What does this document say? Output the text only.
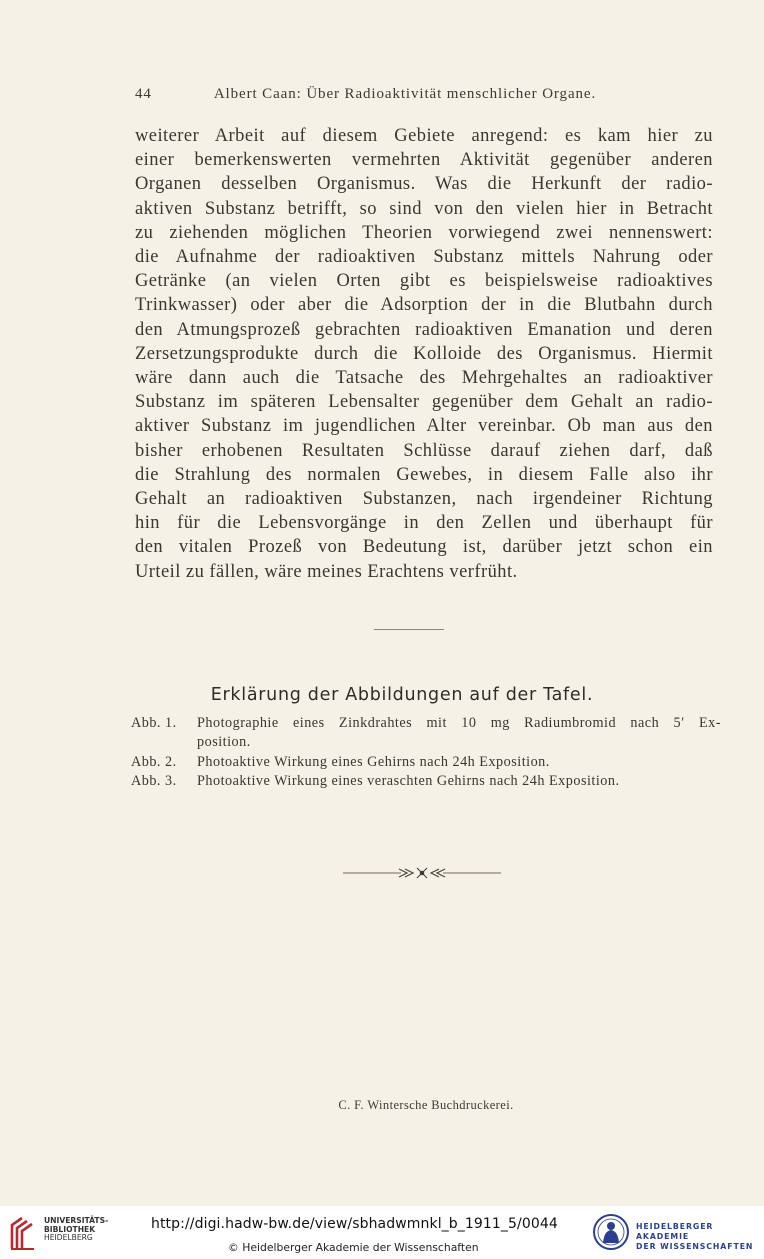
44	Albert Caan: Über Radioaktivität menschlicher Organe.
weiterer Arbeit auf diesem Gebiete anregend: es kam hier zu
einer bemerkenswerten vermehrten Aktivität gegenüber anderen
Organen desselben Organismus. Was die Herkunft der radio-
aktiven Substanz betrifft, so sind von den vielen hier in Betracht
zu ziehenden möglichen Theorien vorwiegend zwei nennenswert:
die Aufnahme der radioaktiven Substanz mittels Nahrung oder
Getränke (an vielen Orten gibt es beispielsweise radioaktives
Trinkwasser) oder aber die Adsorption der in die Blutbahn durch
den Atmungsprozeß gebrachten radioaktiven Emanation und deren
Zersetzungsprodukte durch die Kolloide des Organismus. Hiermit
wäre dann auch die Tatsache des Mehrgehaltes an radioaktiver
Substanz im späteren Lebensalter gegenüber dem Gehalt an radio-
aktiver Substanz im jugendlichen Alter vereinbar. Ob man aus den
bisher erhobenen Resultaten Schlüsse darauf ziehen darf, daß
die Strahlung des normalen Gewebes, in diesem Falle also ihr
Gehalt an radioaktiven Substanzen, nach irgendeiner Richtung
hin für die Lebensvorgänge in den Zellen und überhaupt für
den vitalen Prozeß von Bedeutung ist, darüber jetzt schon ein
Urteil zu fällen, wäre meines Erachtens verfrüht.
Erklärung der Abbildungen auf der Tafel.
Abb. 1.	Photographie eines Zinkdrahtes mit 10 mg Radiumbromid nach 5′ Ex-
position.
Abb. 2.	Photoaktive Wirkung eines Gehirns nach 24h Exposition.
Abb. 3.	Photoaktive Wirkung eines veraschten Gehirns nach 24h Exposition.
C. F. Wintersche Buchdruckerei.
UNIVERSITÄTS-
BIBLIOTHEK
HEIDELBERG
http://digi.hadw-bw.de/view/sbhadwmnkl_b_1911_5/0044
© Heidelberger Akademie der Wissenschaften
HEIDELBERGER AKADEMIE
DER WISSENSCHAFTEN
